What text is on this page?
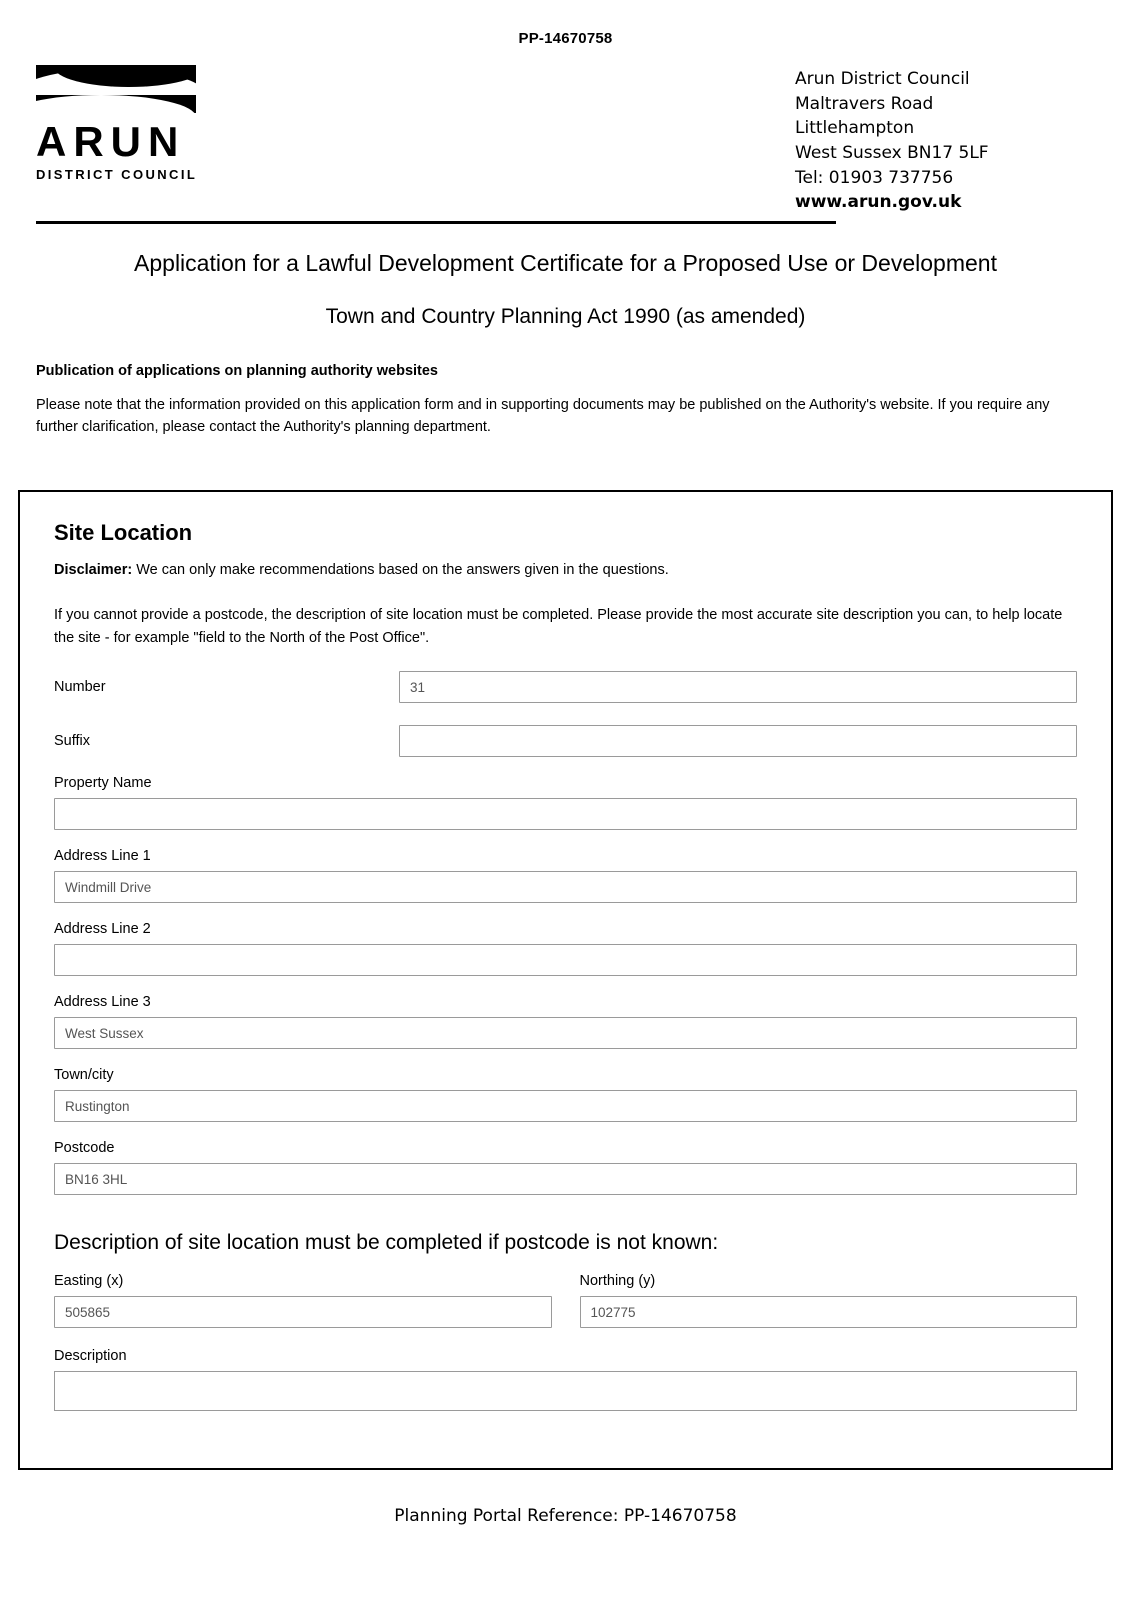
PP-14670758
ARUN
DISTRICT COUNCIL
Arun District Council
Maltravers Road
Littlehampton
West Sussex BN17 5LF
Tel: 01903 737756
www.arun.gov.uk
Application for a Lawful Development Certificate for a Proposed Use or Development
Town and Country Planning Act 1990 (as amended)
Publication of applications on planning authority websites
Please note that the information provided on this application form and in supporting documents may be published on the Authority's website. If you require any further clarification, please contact the Authority's planning department.
Site Location
Disclaimer: We can only make recommendations based on the answers given in the questions.
If you cannot provide a postcode, the description of site location must be completed. Please provide the most accurate site description you can, to help locate the site - for example "field to the North of the Post Office".
Number	31
Suffix
Property Name
Address Line 1
Windmill Drive
Address Line 2
Address Line 3
West Sussex
Town/city
Rustington
Postcode
BN16 3HL
Description of site location must be completed if postcode is not known:
Easting (x)
505865
Northing (y)
102775
Description
Planning Portal Reference: PP-14670758
